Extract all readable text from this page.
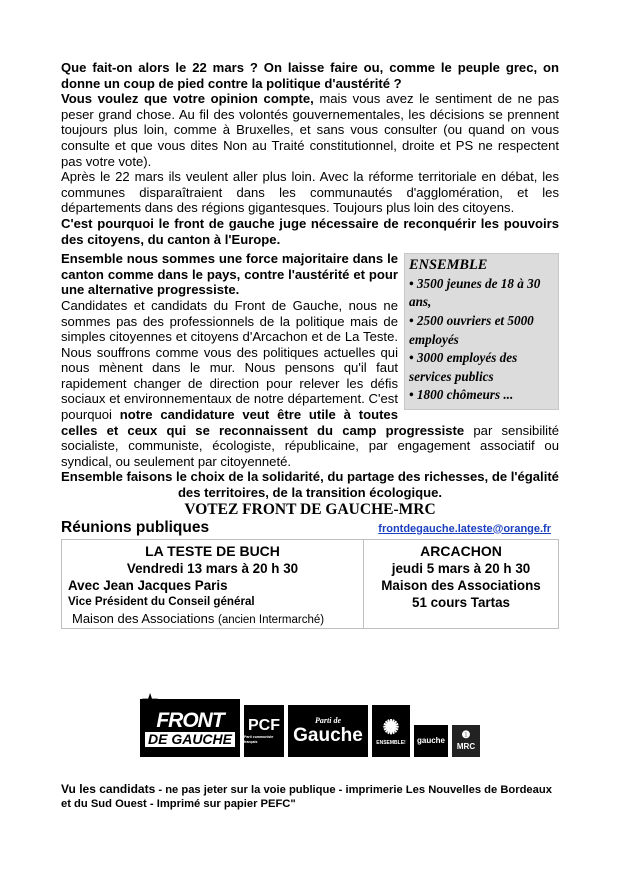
Que fait-on alors le 22 mars ? On laisse faire ou, comme le peuple grec, on donne un coup de pied contre la politique d'austérité ?

Vous voulez que votre opinion compte, mais vous avez le sentiment de ne pas peser grand chose. Au fil des volontés gouvernementales, les décisions se prennent toujours plus loin, comme à Bruxelles, et sans vous consulter (ou quand on vous consulte et que vous dites Non au Traité constitutionnel, droite et PS ne respectent pas votre vote).

Après le 22 mars ils veulent aller plus loin. Avec la réforme territoriale en débat, les communes disparaîtraient dans les communautés d'agglomération, et les départements dans des régions gigantesques. Toujours plus loin des citoyens.

C'est pourquoi le front de gauche juge nécessaire de reconquérir les pouvoirs des citoyens, du canton à l'Europe.

ENSEMBLE
• 3500 jeunes de 18 à 30 ans,
• 2500 ouvriers et 5000 employés
• 3000 employés des services publics
• 1800 chômeurs ...

Ensemble nous sommes une force majoritaire dans le canton comme dans le pays, contre l'austérité et pour une alternative progressiste.

Candidates et candidats du Front de Gauche, nous ne sommes pas des professionnels de la politique mais de simples citoyennes et citoyens d'Arcachon et de La Teste. Nous souffrons comme vous des politiques actuelles qui nous mènent dans le mur. Nous pensons qu'il faut rapidement changer de direction pour relever les défis sociaux et environnementaux de notre département. C'est pourquoi notre candidature veut être utile à toutes celles et ceux qui se reconnaissent du camp progressiste par sensibilité socialiste, communiste, écologiste, républicaine, par engagement associatif ou syndical, ou seulement par citoyenneté.

Ensemble faisons le choix de la solidarité, du partage des richesses, de l'égalité des territoires, de la transition écologique.

VOTEZ FRONT DE GAUCHE-MRC
Réunions publiques	frontdegauche.lateste@orange.fr
LA TESTE DE BUCH
Vendredi 13 mars à 20 h 30
Avec Jean Jacques Paris
Vice Président du Conseil général
Maison des Associations (ancien Intermarché)
ARCACHON
jeudi 5 mars à 20 h 30
Maison des Associations
51 cours Tartas
★
FRONT
DE GAUCHE
PCF
Parti communiste français
Parti de
Gauche ✺
ENSEMBLE! gauche ❶
MRC
Vu les candidats - ne pas jeter sur la voie publique - imprimerie Les Nouvelles de Bordeaux et du Sud Ouest - Imprimé sur papier PEFC"
